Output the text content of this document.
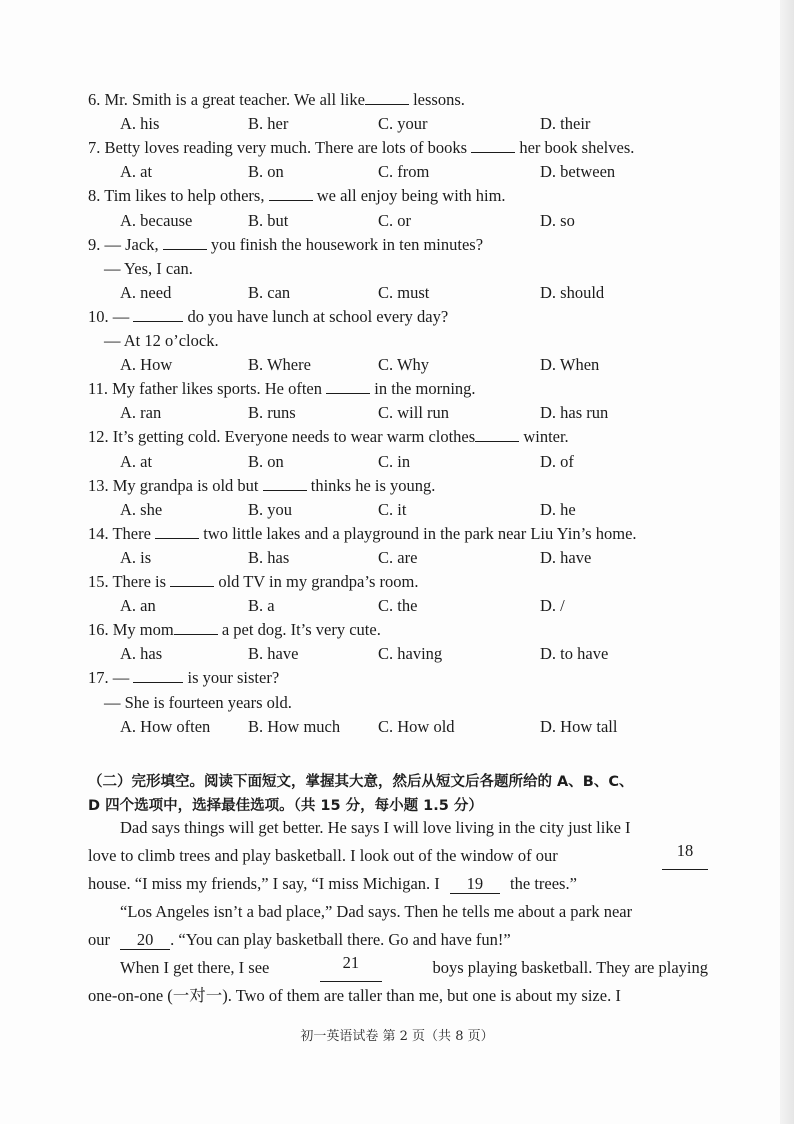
6. Mr. Smith is a great teacher. We all like	lessons.
A. his	B. her	C. your	D. their
7. Betty loves reading very much. There are lots of books	her book shelves.
A. at	B. on	C. from	D. between
8. Tim likes to help others,	we all enjoy being with him.
A. because	B. but	C. or	D. so
9. — Jack,	you finish the housework in ten minutes?
— Yes, I can.
A. need	B. can	C. must	D. should
10. —	do you have lunch at school every day?
— At 12 o’clock.
A. How	B. Where	C. Why	D. When
11. My father likes sports. He often	in the morning.
A. ran	B. runs	C. will run	D. has run
12. It’s getting cold. Everyone needs to wear warm clothes	winter.
A. at	B. on	C. in	D. of
13. My grandpa is old but	thinks he is young.
A. she	B. you	C. it	D. he
14. There	two little lakes and a playground in the park near Liu Yin’s home.
A. is	B. has	C. are	D. have
15. There is	old TV in my grandpa’s room.
A. an	B. a	C. the	D. /
16. My mom	a pet dog. It’s very cute.
A. has	B. have	C. having	D. to have
17. —	is your sister?
— She is fourteen years old.
A. How often B. How much C. How old	D. How tall
（二）完形填空。阅读下面短文，掌握其大意，然后从短文后各题所给的 A、B、C、
D 四个选项中，选择最佳选项。（共 15 分，每小题 1.5 分）
Dad says things will get better. He says I will love living in the city just like I
love to climb trees and play basketball. I look out of the window of our	18
house. “I miss my friends,” I say, “I miss Michigan. I 19 the trees.”
“Los Angeles isn’t a bad place,” Dad says. Then he tells me about a park near
our 20 . “You can play basketball there. Go and have fun!”
When I get there, I see	21	boys playing basketball. They are playing
one-on-one (一对一). Two of them are taller than me, but one is about my size. I
初一英语试卷 第 2 页（共 8 页）
